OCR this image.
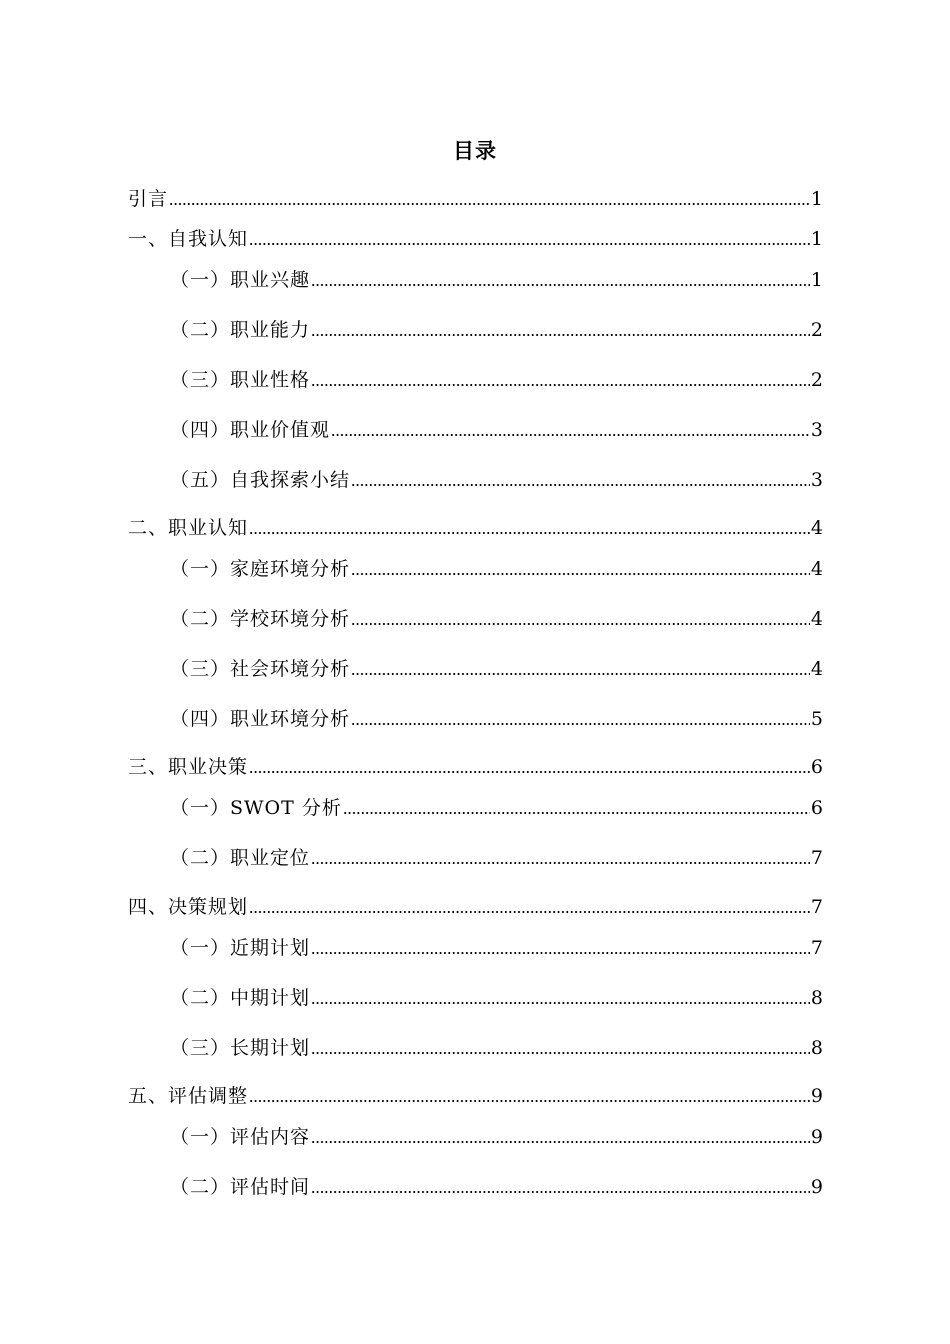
目录
引言	1
一、自我认知	1
（一）职业兴趣	1
（二）职业能力	2
（三）职业性格	2
（四）职业价值观	3
（五）自我探索小结	3
二、职业认知	4
（一）家庭环境分析	4
（二）学校环境分析	4
（三）社会环境分析	4
（四）职业环境分析	5
三、职业决策	6
（一）SWOT 分析	6
（二）职业定位	7
四、决策规划	7
（一）近期计划	7
（二）中期计划	8
（三）长期计划	8
五、评估调整	9
（一）评估内容	9
（二）评估时间	9
